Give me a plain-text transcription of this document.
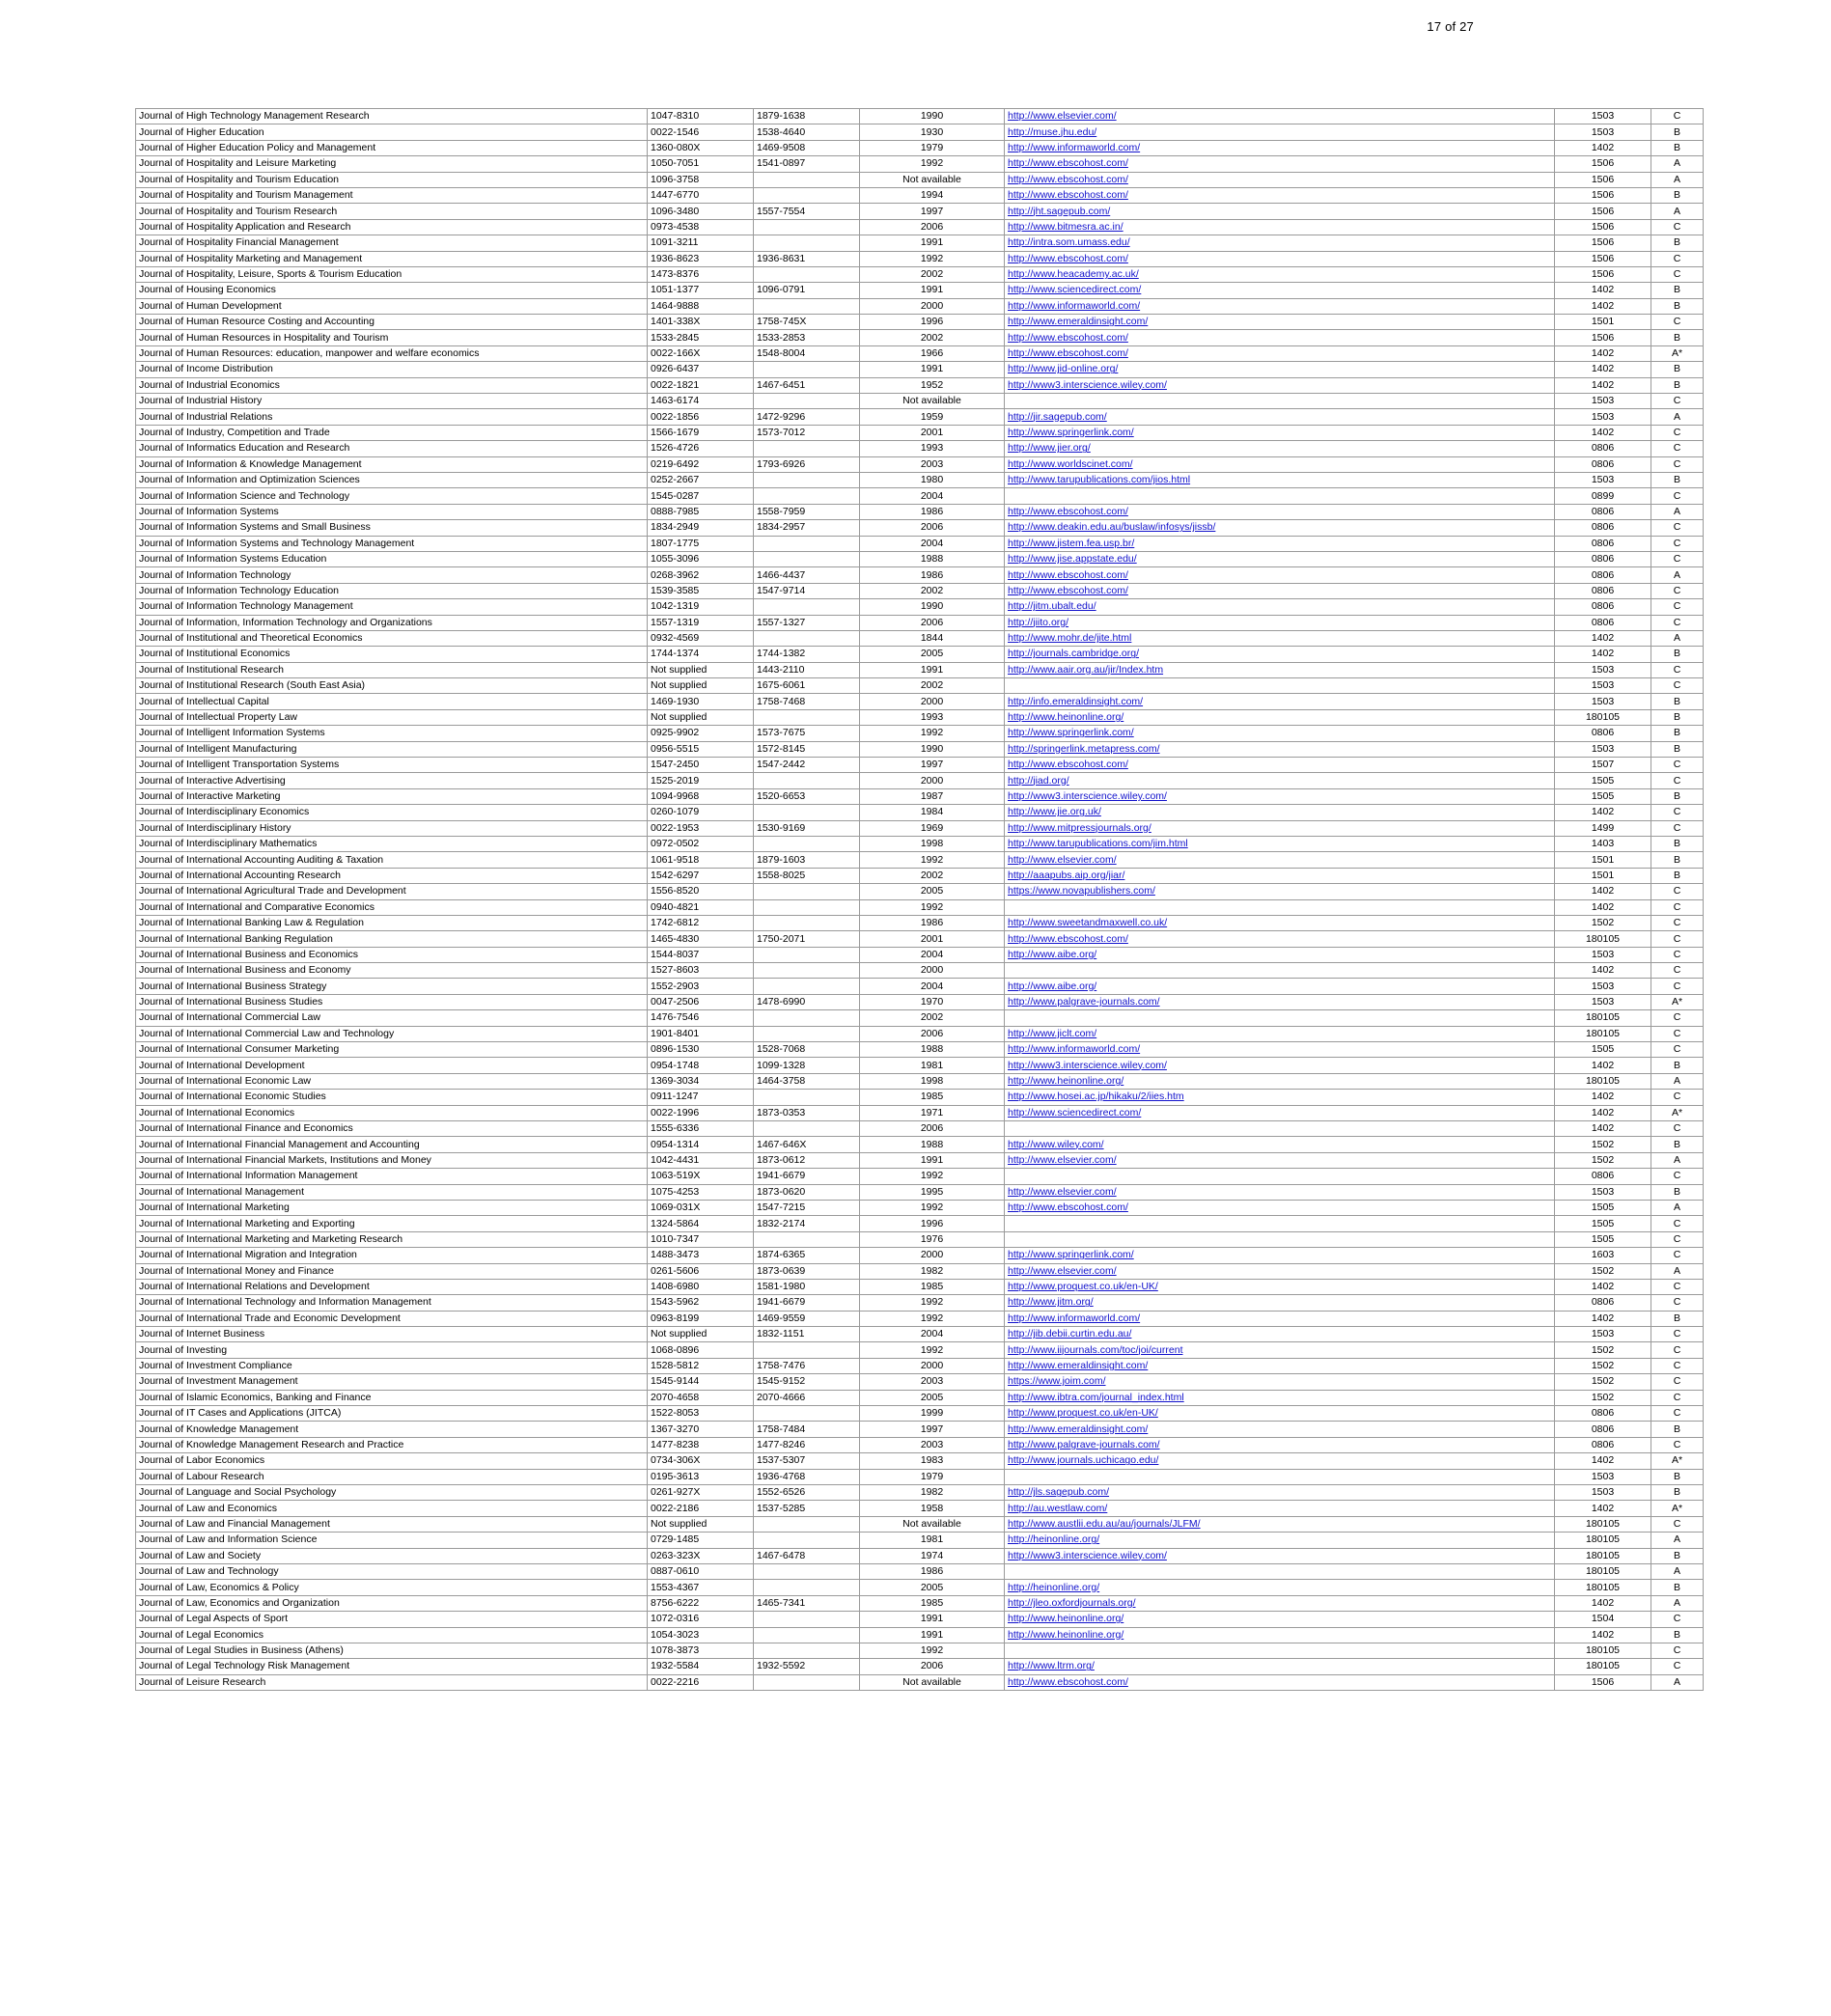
17 of 27
Journal of High Technology Management Research	1047-8310	1879-1638	1990	http://www.elsevier.com/	1503	C
Journal of Higher Education	0022-1546	1538-4640	1930	http://muse.jhu.edu/	1503	B
Journal of Higher Education Policy and Management	1360-080X	1469-9508	1979	http://www.informaworld.com/	1402	B
Journal of Hospitality and Leisure Marketing	1050-7051	1541-0897	1992	http://www.ebscohost.com/	1506	A
Journal of Hospitality and Tourism Education	1096-3758		Not available	http://www.ebscohost.com/	1506	A
Journal of Hospitality and Tourism Management	1447-6770		1994	http://www.ebscohost.com/	1506	B
Journal of Hospitality and Tourism Research	1096-3480	1557-7554	1997	http://jht.sagepub.com/	1506	A
Journal of Hospitality Application and Research	0973-4538		2006	http://www.bitmesra.ac.in/	1506	C
Journal of Hospitality Financial Management	1091-3211		1991	http://intra.som.umass.edu/	1506	B
Journal of Hospitality Marketing and Management	1936-8623	1936-8631	1992	http://www.ebscohost.com/	1506	C
Journal of Hospitality, Leisure, Sports & Tourism Education	1473-8376		2002	http://www.heacademy.ac.uk/	1506	C
Journal of Housing Economics	1051-1377	1096-0791	1991	http://www.sciencedirect.com/	1402	B
Journal of Human Development	1464-9888		2000	http://www.informaworld.com/	1402	B
Journal of Human Resource Costing and Accounting	1401-338X	1758-745X	1996	http://www.emeraldinsight.com/	1501	C
Journal of Human Resources in Hospitality and Tourism	1533-2845	1533-2853	2002	http://www.ebscohost.com/	1506	B
Journal of Human Resources: education, manpower and welfare economics	0022-166X	1548-8004	1966	http://www.ebscohost.com/	1402	A*
Journal of Income Distribution	0926-6437		1991	http://www.jid-online.org/	1402	B
Journal of Industrial Economics	0022-1821	1467-6451	1952	http://www3.interscience.wiley.com/	1402	B
Journal of Industrial History	1463-6174		Not available		1503	C
Journal of Industrial Relations	0022-1856	1472-9296	1959	http://jir.sagepub.com/	1503	A
Journal of Industry, Competition and Trade	1566-1679	1573-7012	2001	http://www.springerlink.com/	1402	C
Journal of Informatics Education and Research	1526-4726		1993	http://www.jier.org/	0806	C
Journal of Information & Knowledge Management	0219-6492	1793-6926	2003	http://www.worldscinet.com/	0806	C
Journal of Information and Optimization Sciences	0252-2667		1980	http://www.tarupublications.com/jios.html	1503	B
Journal of Information Science and Technology	1545-0287		2004		0899	C
Journal of Information Systems	0888-7985	1558-7959	1986	http://www.ebscohost.com/	0806	A
Journal of Information Systems and Small Business	1834-2949	1834-2957	2006	http://www.deakin.edu.au/buslaw/infosys/jissb/	0806	C
Journal of Information Systems and Technology Management	1807-1775		2004	http://www.jistem.fea.usp.br/	0806	C
Journal of Information Systems Education	1055-3096		1988	http://www.jise.appstate.edu/	0806	C
Journal of Information Technology	0268-3962	1466-4437	1986	http://www.ebscohost.com/	0806	A
Journal of Information Technology Education	1539-3585	1547-9714	2002	http://www.ebscohost.com/	0806	C
Journal of Information Technology Management	1042-1319		1990	http://jitm.ubalt.edu/	0806	C
Journal of Information, Information Technology and Organizations	1557-1319	1557-1327	2006	http://jiito.org/	0806	C
Journal of Institutional and Theoretical Economics	0932-4569		1844	http://www.mohr.de/jite.html	1402	A
Journal of Institutional Economics	1744-1374	1744-1382	2005	http://journals.cambridge.org/	1402	B
Journal of Institutional Research	Not supplied	1443-2110	1991	http://www.aair.org.au/jir/Index.htm	1503	C
Journal of Institutional Research (South East Asia)	Not supplied	1675-6061	2002		1503	C
Journal of Intellectual Capital	1469-1930	1758-7468	2000	http://info.emeraldinsight.com/	1503	B
Journal of Intellectual Property Law	Not supplied		1993	http://www.heinonline.org/	180105	B
Journal of Intelligent Information Systems	0925-9902	1573-7675	1992	http://www.springerlink.com/	0806	B
Journal of Intelligent Manufacturing	0956-5515	1572-8145	1990	http://springerlink.metapress.com/	1503	B
Journal of Intelligent Transportation Systems	1547-2450	1547-2442	1997	http://www.ebscohost.com/	1507	C
Journal of Interactive Advertising	1525-2019		2000	http://jiad.org/	1505	C
Journal of Interactive Marketing	1094-9968	1520-6653	1987	http://www3.interscience.wiley.com/	1505	B
Journal of Interdisciplinary Economics	0260-1079		1984	http://www.jie.org.uk/	1402	C
Journal of Interdisciplinary History	0022-1953	1530-9169	1969	http://www.mitpressjournals.org/	1499	C
Journal of Interdisciplinary Mathematics	0972-0502		1998	http://www.tarupublications.com/jim.html	1403	B
Journal of International Accounting Auditing & Taxation	1061-9518	1879-1603	1992	http://www.elsevier.com/	1501	B
Journal of International Accounting Research	1542-6297	1558-8025	2002	http://aaapubs.aip.org/jiar/	1501	B
Journal of International Agricultural Trade and Development	1556-8520		2005	https://www.novapublishers.com/	1402	C
Journal of International and Comparative Economics	0940-4821		1992		1402	C
Journal of International Banking Law & Regulation	1742-6812		1986	http://www.sweetandmaxwell.co.uk/	1502	C
Journal of International Banking Regulation	1465-4830	1750-2071	2001	http://www.ebscohost.com/	180105	C
Journal of International Business and Economics	1544-8037		2004	http://www.aibe.org/	1503	C
Journal of International Business and Economy	1527-8603		2000		1402	C
Journal of International Business Strategy	1552-2903		2004	http://www.aibe.org/	1503	C
Journal of International Business Studies	0047-2506	1478-6990	1970	http://www.palgrave-journals.com/	1503	A*
Journal of International Commercial Law	1476-7546		2002		180105	C
Journal of International Commercial Law and Technology	1901-8401		2006	http://www.jiclt.com/	180105	C
Journal of International Consumer Marketing	0896-1530	1528-7068	1988	http://www.informaworld.com/	1505	C
Journal of International Development	0954-1748	1099-1328	1981	http://www3.interscience.wiley.com/	1402	B
Journal of International Economic Law	1369-3034	1464-3758	1998	http://www.heinonline.org/	180105	A
Journal of International Economic Studies	0911-1247		1985	http://www.hosei.ac.jp/hikaku/2/iies.htm	1402	C
Journal of International Economics	0022-1996	1873-0353	1971	http://www.sciencedirect.com/	1402	A*
Journal of International Finance and Economics	1555-6336		2006		1402	C
Journal of International Financial Management and Accounting	0954-1314	1467-646X	1988	http://www.wiley.com/	1502	B
Journal of International Financial Markets, Institutions and Money	1042-4431	1873-0612	1991	http://www.elsevier.com/	1502	A
Journal of International Information Management	1063-519X	1941-6679	1992		0806	C
Journal of International Management	1075-4253	1873-0620	1995	http://www.elsevier.com/	1503	B
Journal of International Marketing	1069-031X	1547-7215	1992	http://www.ebscohost.com/	1505	A
Journal of International Marketing and Exporting	1324-5864	1832-2174	1996		1505	C
Journal of International Marketing and Marketing Research	1010-7347		1976		1505	C
Journal of International Migration and Integration	1488-3473	1874-6365	2000	http://www.springerlink.com/	1603	C
Journal of International Money and Finance	0261-5606	1873-0639	1982	http://www.elsevier.com/	1502	A
Journal of International Relations and Development	1408-6980	1581-1980	1985	http://www.proquest.co.uk/en-UK/	1402	C
Journal of International Technology and Information Management	1543-5962	1941-6679	1992	http://www.jitm.org/	0806	C
Journal of International Trade and Economic Development	0963-8199	1469-9559	1992	http://www.informaworld.com/	1402	B
Journal of Internet Business	Not supplied	1832-1151	2004	http://jib.debii.curtin.edu.au/	1503	C
Journal of Investing	1068-0896		1992	http://www.iijournals.com/toc/joi/current	1502	C
Journal of Investment Compliance	1528-5812	1758-7476	2000	http://www.emeraldinsight.com/	1502	C
Journal of Investment Management	1545-9144	1545-9152	2003	https://www.joim.com/	1502	C
Journal of Islamic Economics, Banking and Finance	2070-4658	2070-4666	2005	http://www.ibtra.com/journal_index.html	1502	C
Journal of IT Cases and Applications (JITCA)	1522-8053		1999	http://www.proquest.co.uk/en-UK/	0806	C
Journal of Knowledge Management	1367-3270	1758-7484	1997	http://www.emeraldinsight.com/	0806	B
Journal of Knowledge Management Research and Practice	1477-8238	1477-8246	2003	http://www.palgrave-journals.com/	0806	C
Journal of Labor Economics	0734-306X	1537-5307	1983	http://www.journals.uchicago.edu/	1402	A*
Journal of Labour Research	0195-3613	1936-4768	1979		1503	B
Journal of Language and Social Psychology	0261-927X	1552-6526	1982	http://jls.sagepub.com/	1503	B
Journal of Law and Economics	0022-2186	1537-5285	1958	http://au.westlaw.com/	1402	A*
Journal of Law and Financial Management	Not supplied		Not available	http://www.austlii.edu.au/au/journals/JLFM/	180105	C
Journal of Law and Information Science	0729-1485		1981	http://heinonline.org/	180105	A
Journal of Law and Society	0263-323X	1467-6478	1974	http://www3.interscience.wiley.com/	180105	B
Journal of Law and Technology	0887-0610		1986		180105	A
Journal of Law, Economics & Policy	1553-4367		2005	http://heinonline.org/	180105	B
Journal of Law, Economics and Organization	8756-6222	1465-7341	1985	http://jleo.oxfordjournals.org/	1402	A
Journal of Legal Aspects of Sport	1072-0316		1991	http://www.heinonline.org/	1504	C
Journal of Legal Economics	1054-3023		1991	http://www.heinonline.org/	1402	B
Journal of Legal Studies in Business (Athens)	1078-3873		1992		180105	C
Journal of Legal Technology Risk Management	1932-5584	1932-5592	2006	http://www.ltrm.org/	180105	C
Journal of Leisure Research	0022-2216		Not available	http://www.ebscohost.com/	1506	A
